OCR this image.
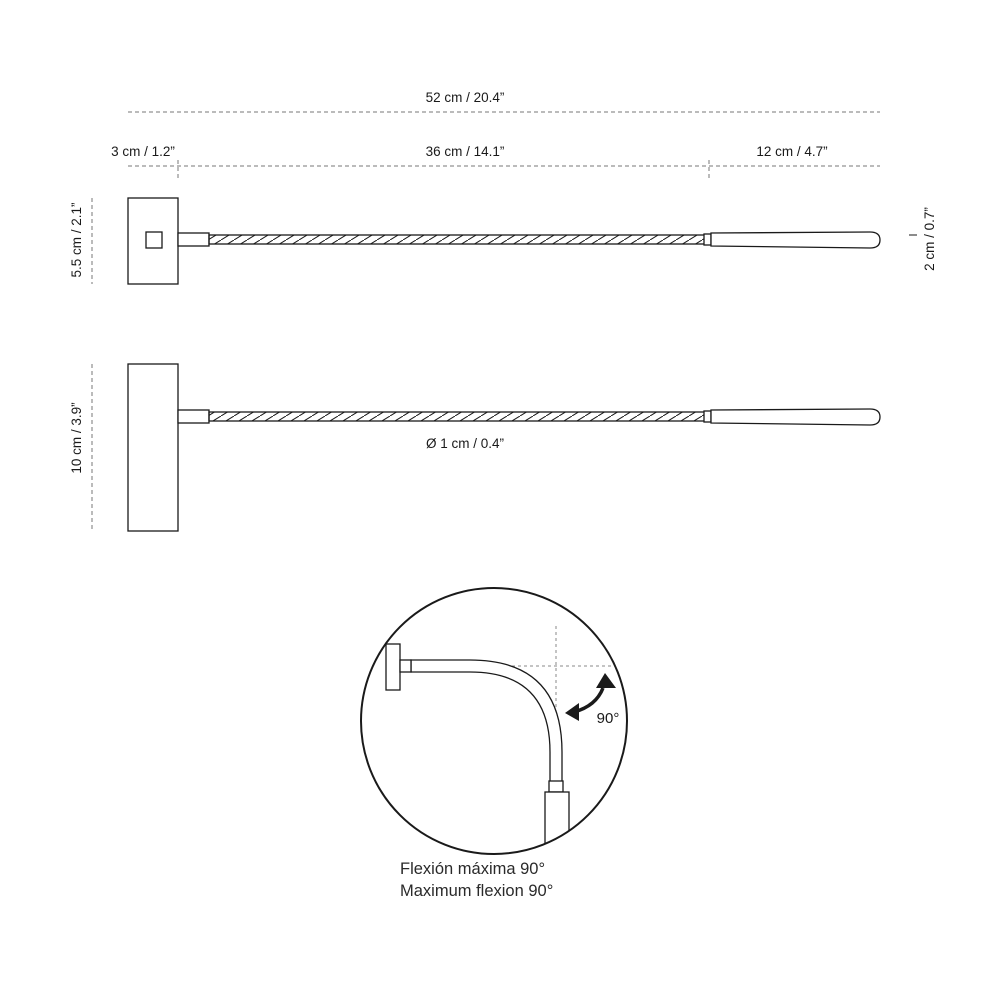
52 cm / 20.4”
3 cm / 1.2”	36 cm / 14.1”	12 cm / 4.7”
5.5 cm / 2.1”
10 cm / 3.9”
2 cm / 0.7”
Ø 1 cm / 0.4”
90°
Flexión máxima 90°
Maximum flexion 90°
